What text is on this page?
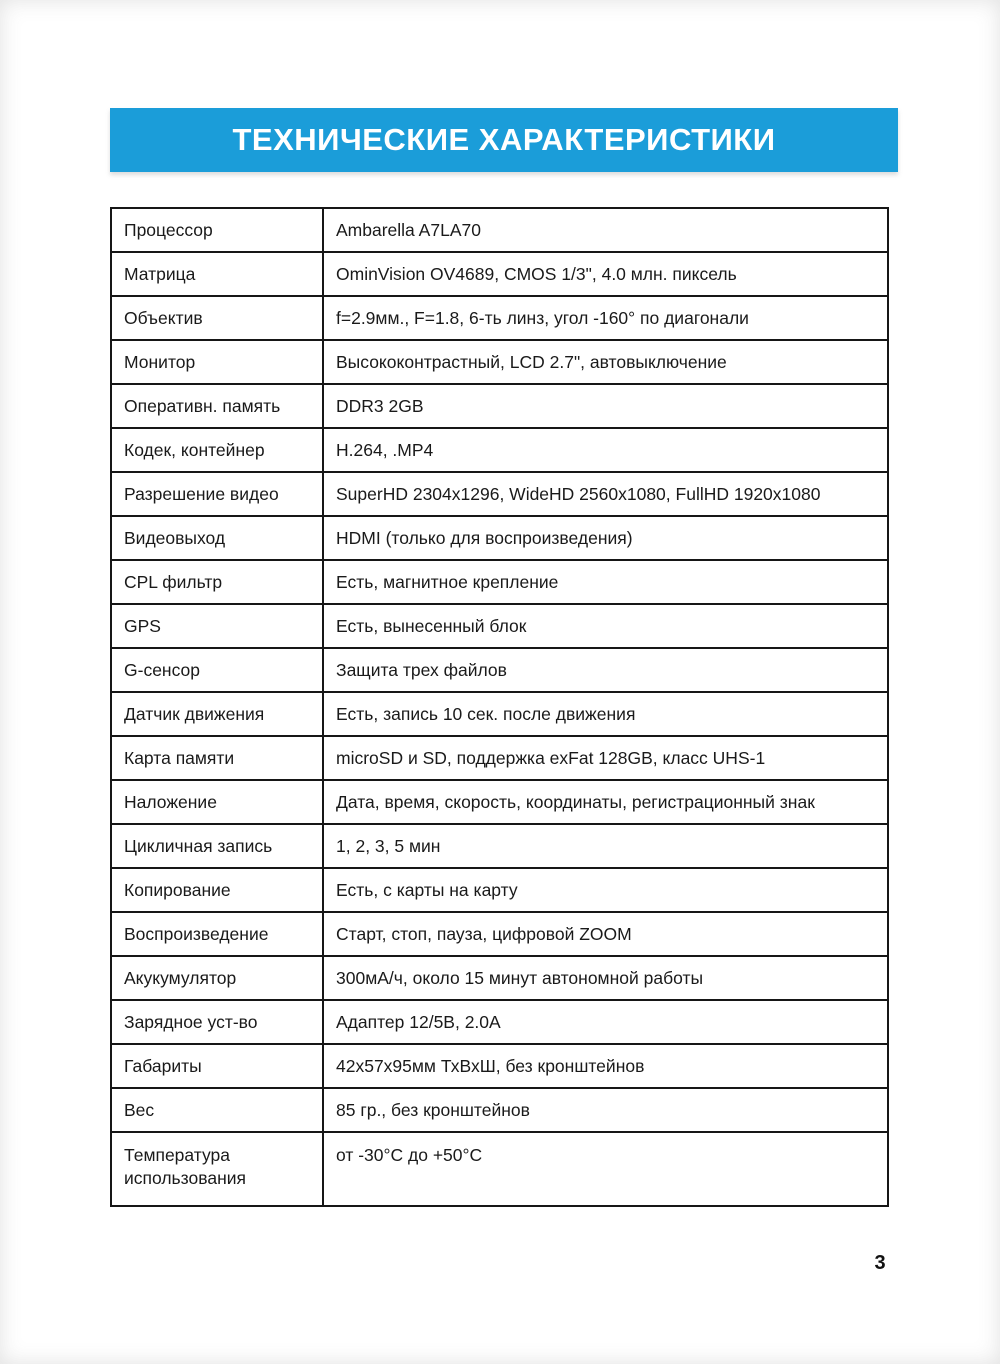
ТЕХНИЧЕСКИЕ ХАРАКТЕРИСТИКИ
Процессор	Ambarella A7LA70
Матрица	OminVision OV4689, CMOS 1/3", 4.0 млн. пиксель
Объектив	f=2.9мм., F=1.8, 6-ть линз, угол -160° по диагонали
Монитор	Высококонтрастный, LCD 2.7", автовыключение
Оперативн. память	DDR3 2GB
Кодек, контейнер	H.264, .MP4
Разрешение видео	SuperHD 2304x1296, WideHD 2560x1080, FullHD 1920x1080
Видеовыход	HDMI (только для воспроизведения)
CPL фильтр	Есть, магнитное крепление
GPS	Есть, вынесенный блок
G-сенсор	Защита трех файлов
Датчик движения	Есть, запись 10 сек. после движения
Карта памяти	microSD и SD, поддержка exFat 128GB, класс UHS-1
Наложение	Дата, время, скорость, координаты, регистрационный знак
Цикличная запись	1, 2, 3, 5 мин
Копирование	Есть, с карты на карту
Воспроизведение	Старт, стоп, пауза, цифровой ZOOM
Акукумулятор	300мА/ч, около 15 минут автономной работы
Зарядное уст-во	Адаптер 12/5В, 2.0А
Габариты	42x57x95мм ТхВхШ, без кронштейнов
Вес	85 гр., без кронштейнов
Температура использования	от -30°C до +50°C
3
